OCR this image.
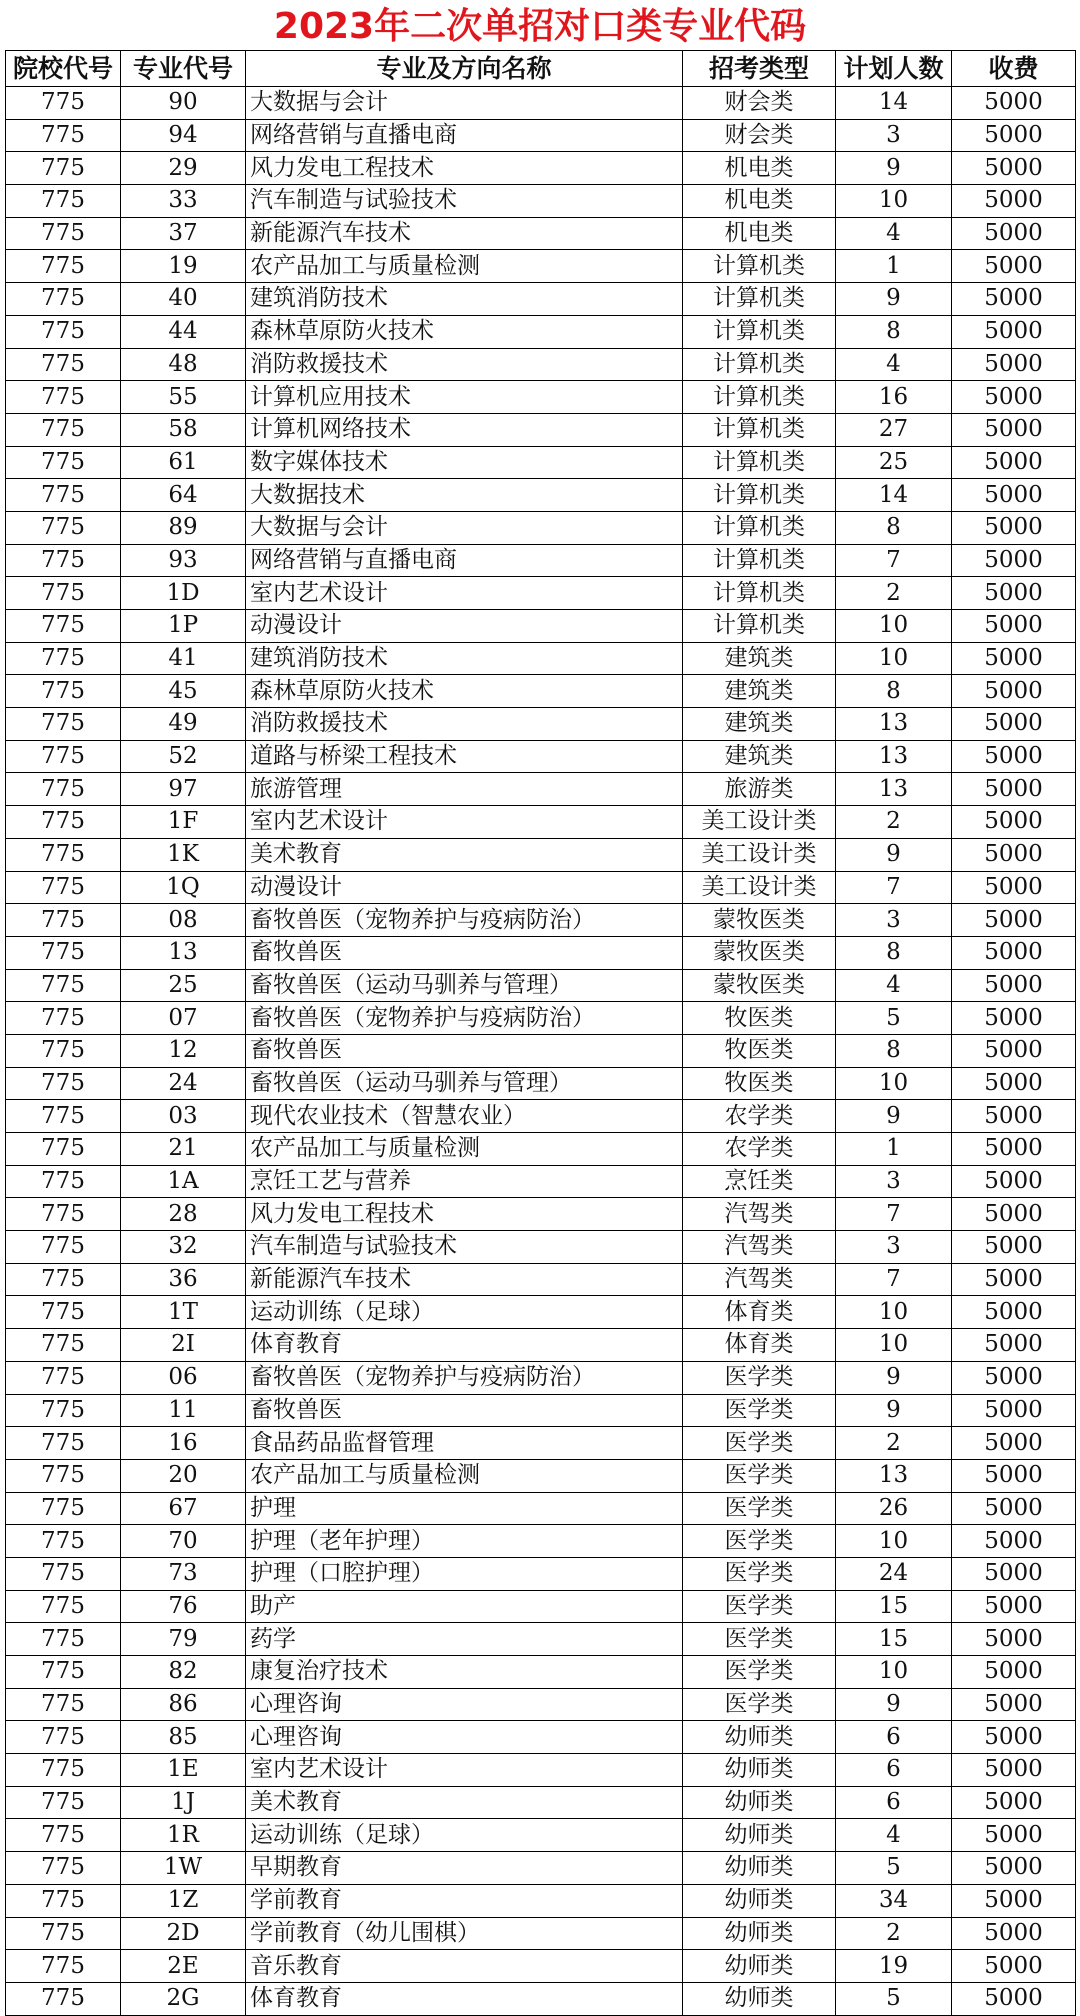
2023年二次单招对口类专业代码
院校代号	专业代号	专业及方向名称	招考类型	计划人数	收费
775	90	大数据与会计	财会类	14	5000
775	94	网络营销与直播电商	财会类	3	5000
775	29	风力发电工程技术	机电类	9	5000
775	33	汽车制造与试验技术	机电类	10	5000
775	37	新能源汽车技术	机电类	4	5000
775	19	农产品加工与质量检测	计算机类	1	5000
775	40	建筑消防技术	计算机类	9	5000
775	44	森林草原防火技术	计算机类	8	5000
775	48	消防救援技术	计算机类	4	5000
775	55	计算机应用技术	计算机类	16	5000
775	58	计算机网络技术	计算机类	27	5000
775	61	数字媒体技术	计算机类	25	5000
775	64	大数据技术	计算机类	14	5000
775	89	大数据与会计	计算机类	8	5000
775	93	网络营销与直播电商	计算机类	7	5000
775	1D	室内艺术设计	计算机类	2	5000
775	1P	动漫设计	计算机类	10	5000
775	41	建筑消防技术	建筑类	10	5000
775	45	森林草原防火技术	建筑类	8	5000
775	49	消防救援技术	建筑类	13	5000
775	52	道路与桥梁工程技术	建筑类	13	5000
775	97	旅游管理	旅游类	13	5000
775	1F	室内艺术设计	美工设计类	2	5000
775	1K	美术教育	美工设计类	9	5000
775	1Q	动漫设计	美工设计类	7	5000
775	08	畜牧兽医（宠物养护与疫病防治）	蒙牧医类	3	5000
775	13	畜牧兽医	蒙牧医类	8	5000
775	25	畜牧兽医（运动马驯养与管理）	蒙牧医类	4	5000
775	07	畜牧兽医（宠物养护与疫病防治）	牧医类	5	5000
775	12	畜牧兽医	牧医类	8	5000
775	24	畜牧兽医（运动马驯养与管理）	牧医类	10	5000
775	03	现代农业技术（智慧农业）	农学类	9	5000
775	21	农产品加工与质量检测	农学类	1	5000
775	1A	烹饪工艺与营养	烹饪类	3	5000
775	28	风力发电工程技术	汽驾类	7	5000
775	32	汽车制造与试验技术	汽驾类	3	5000
775	36	新能源汽车技术	汽驾类	7	5000
775	1T	运动训练（足球）	体育类	10	5000
775	2I	体育教育	体育类	10	5000
775	06	畜牧兽医（宠物养护与疫病防治）	医学类	9	5000
775	11	畜牧兽医	医学类	9	5000
775	16	食品药品监督管理	医学类	2	5000
775	20	农产品加工与质量检测	医学类	13	5000
775	67	护理	医学类	26	5000
775	70	护理（老年护理）	医学类	10	5000
775	73	护理（口腔护理）	医学类	24	5000
775	76	助产	医学类	15	5000
775	79	药学	医学类	15	5000
775	82	康复治疗技术	医学类	10	5000
775	86	心理咨询	医学类	9	5000
775	85	心理咨询	幼师类	6	5000
775	1E	室内艺术设计	幼师类	6	5000
775	1J	美术教育	幼师类	6	5000
775	1R	运动训练（足球）	幼师类	4	5000
775	1W	早期教育	幼师类	5	5000
775	1Z	学前教育	幼师类	34	5000
775	2D	学前教育（幼儿围棋）	幼师类	2	5000
775	2E	音乐教育	幼师类	19	5000
775	2G	体育教育	幼师类	5	5000
